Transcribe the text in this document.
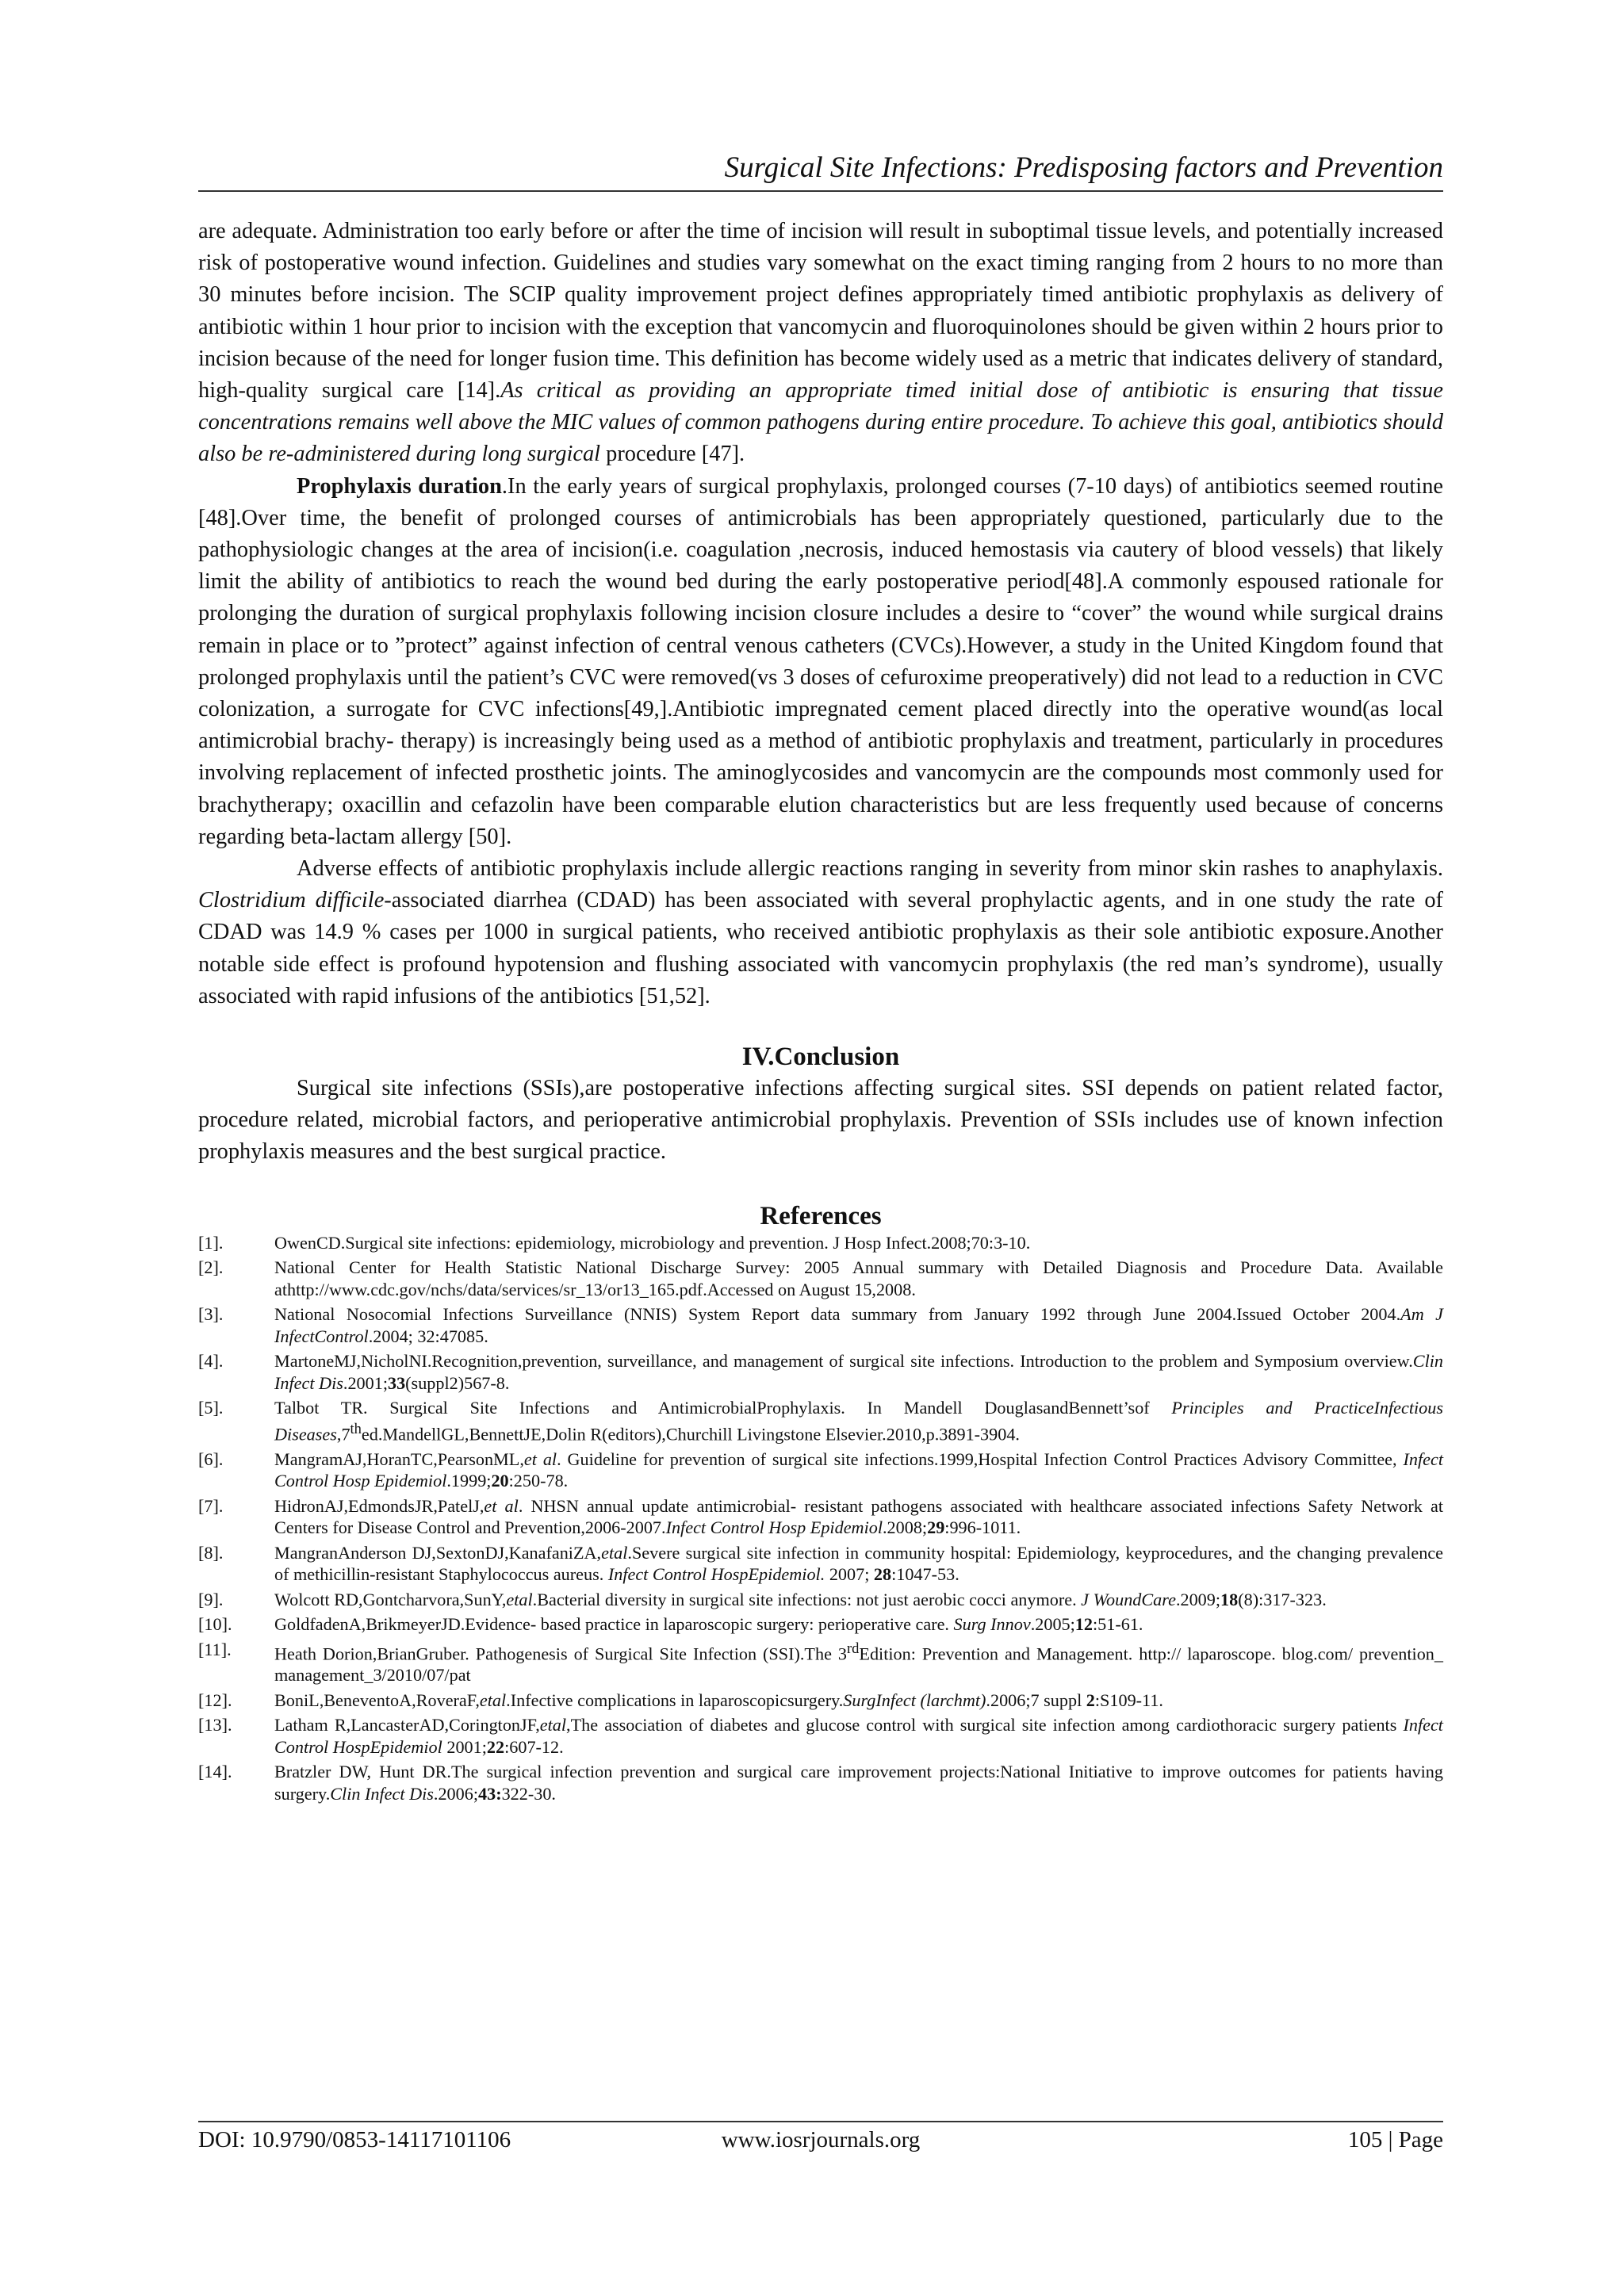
Surgical Site Infections: Predisposing factors and Prevention

are adequate. Administration too early before or after the time of incision will result in suboptimal tissue levels, and potentially increased risk of postoperative wound infection. Guidelines and studies vary somewhat on the exact timing ranging from 2 hours to no more than 30 minutes before incision. The SCIP quality improvement project defines appropriately timed antibiotic prophylaxis as delivery of antibiotic within 1 hour prior to incision with the exception that vancomycin and fluoroquinolones should be given within 2 hours prior to incision because of the need for longer fusion time. This definition has become widely used as a metric that indicates delivery of standard, high-quality surgical care [14].As critical as providing an appropriate timed initial dose of antibiotic is ensuring that tissue concentrations remains well above the MIC values of common pathogens during entire procedure. To achieve this goal, antibiotics should also be re-administered during long surgical procedure [47].

Prophylaxis duration.In the early years of surgical prophylaxis, prolonged courses (7-10 days) of antibiotics seemed routine [48].Over time, the benefit of prolonged courses of antimicrobials has been appropriately questioned, particularly due to the pathophysiologic changes at the area of incision(i.e. coagulation ,necrosis, induced hemostasis via cautery of blood vessels) that likely limit the ability of antibiotics to reach the wound bed during the early postoperative period[48].A commonly espoused rationale for prolonging the duration of surgical prophylaxis following incision closure includes a desire to “cover” the wound while surgical drains remain in place or to ”protect” against infection of central venous catheters (CVCs).However, a study in the United Kingdom found that prolonged prophylaxis until the patient’s CVC were removed(vs 3 doses of cefuroxime preoperatively) did not lead to a reduction in CVC colonization, a surrogate for CVC infections[49,].Antibiotic impregnated cement placed directly into the operative wound(as local antimicrobial brachy- therapy) is increasingly being used as a method of antibiotic prophylaxis and treatment, particularly in procedures involving replacement of infected prosthetic joints. The aminoglycosides and vancomycin are the compounds most commonly used for brachytherapy; oxacillin and cefazolin have been comparable elution characteristics but are less frequently used because of concerns regarding beta-lactam allergy [50].

Adverse effects of antibiotic prophylaxis include allergic reactions ranging in severity from minor skin rashes to anaphylaxis. Clostridium difficile-associated diarrhea (CDAD) has been associated with several prophylactic agents, and in one study the rate of CDAD was 14.9 % cases per 1000 in surgical patients, who received antibiotic prophylaxis as their sole antibiotic exposure.Another notable side effect is profound hypotension and flushing associated with vancomycin prophylaxis (the red man’s syndrome), usually associated with rapid infusions of the antibiotics [51,52].

IV.Conclusion

Surgical site infections (SSIs),are postoperative infections affecting surgical sites. SSI depends on patient related factor, procedure related, microbial factors, and perioperative antimicrobial prophylaxis. Prevention of SSIs includes use of known infection prophylaxis measures and the best surgical practice.

References
[1].	OwenCD.Surgical site infections: epidemiology, microbiology and prevention. J Hosp Infect.2008;70:3-10.
[2].	National Center for Health Statistic National Discharge Survey: 2005 Annual summary with Detailed Diagnosis and Procedure Data. Available athttp://www.cdc.gov/nchs/data/services/sr_13/or13_165.pdf.Accessed on August 15,2008.
[3].	National Nosocomial Infections Surveillance (NNIS) System Report data summary from January 1992 through June 2004.Issued October 2004.Am J InfectControl.2004; 32:47085.
[4].	MartoneMJ,NicholNI.Recognition,prevention, surveillance, and management of surgical site infections. Introduction to the problem and Symposium overview.Clin Infect Dis.2001;33(suppl2)567-8.
[5].	Talbot TR. Surgical Site Infections and AntimicrobialProphylaxis. In Mandell DouglasandBennett’sof Principles and PracticeInfectious Diseases,7thed.MandellGL,BennettJE,Dolin R(editors),Churchill Livingstone Elsevier.2010,p.3891-3904.
[6].	MangramAJ,HoranTC,PearsonML,et al. Guideline for prevention of surgical site infections.1999,Hospital Infection Control Practices Advisory Committee, Infect Control Hosp Epidemiol.1999;20:250-78.
[7].	HidronAJ,EdmondsJR,PatelJ,et al. NHSN annual update antimicrobial- resistant pathogens associated with healthcare associated infections Safety Network at Centers for Disease Control and Prevention,2006-2007.Infect Control Hosp Epidemiol.2008;29:996-1011.
[8].	MangranAnderson DJ,SextonDJ,KanafaniZA,etal.Severe surgical site infection in community hospital: Epidemiology, keyprocedures, and the changing prevalence of methicillin-resistant Staphylococcus aureus. Infect Control HospEpidemiol. 2007; 28:1047-53.
[9].	Wolcott RD,Gontcharvora,SunY,etal.Bacterial diversity in surgical site infections: not just aerobic cocci anymore. J WoundCare.2009;18(8):317-323.
[10].	GoldfadenA,BrikmeyerJD.Evidence- based practice in laparoscopic surgery: perioperative care. Surg Innov.2005;12:51-61.
[11].	Heath Dorion,BrianGruber. Pathogenesis of Surgical Site Infection (SSI).The 3rdEdition: Prevention and Management. http:// laparoscope. blog.com/ prevention_ management_3/2010/07/pat
[12].	BoniL,BeneventoA,RoveraF,etal.Infective complications in laparoscopicsurgery.SurgInfect (larchmt).2006;7 suppl 2:S109-11.
[13].	Latham R,LancasterAD,CoringtonJF,etal,The association of diabetes and glucose control with surgical site infection among cardiothoracic surgery patients Infect Control HospEpidemiol 2001;22:607-12.
[14].	Bratzler DW, Hunt DR.The surgical infection prevention and surgical care improvement projects:National Initiative to improve outcomes for patients having surgery.Clin Infect Dis.2006;43:322-30.
DOI: 10.9790/0853-14117101106	www.iosrjournals.org	105 | Page
